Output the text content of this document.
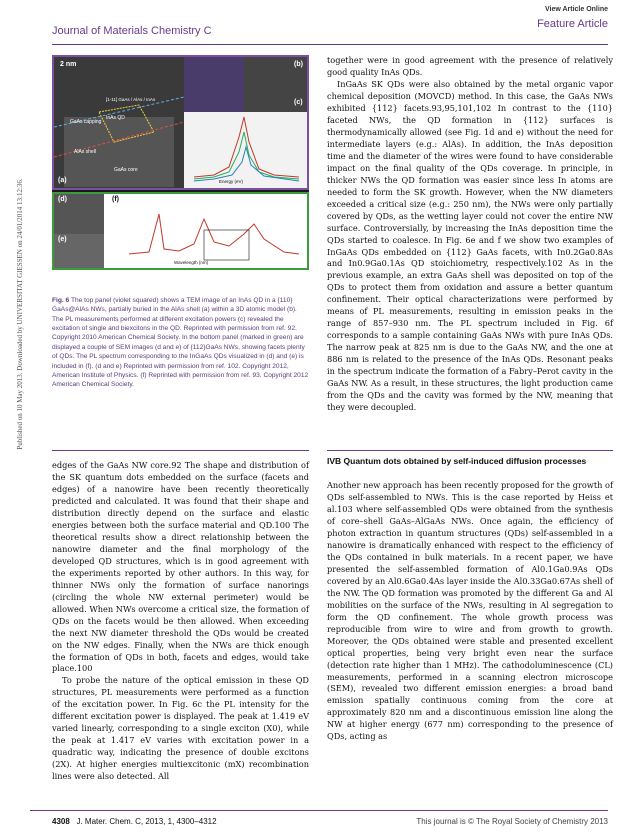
Journal of Materials Chemistry C
View Article Online
Feature Article
Published on 10 May 2013. Downloaded by UNIVERSITAT GIESSEN on 24/01/2014 13:12:36.
2 nm
GaAs capping
InAs QD
AlAs shell
GaAs core
[1-11] GaAs / AlAs / InAs
(a)
(b)
(c)
Energy (eV)
(d)
(e)
(f)
Wavelength (nm)
Fig. 6 The top panel (violet squared) shows a TEM image of an InAs QD in a {110} GaAs@AlAs NWs, partially buried in the AlAs shell (a) within a 3D atomic model (b). The PL measurements performed at different excitation powers (c) revealed the excitation of single and biexcitons in the QD. Reprinted with permission from ref. 92. Copyright 2010 American Chemical Society. In the bottom panel (marked in green) are displayed a couple of SEM images (d and e) of {112}GaAs NWs, showing facets plenty of QDs. The PL spectrum corresponding to the InGaAs QDs visualized in (d) and (e) is included in (f). (d and e) Reprinted with permission from ref. 102. Copyright 2012, American Institute of Physics. (f) Reprinted with permission from ref. 93. Copyright 2012 American Chemical Society.

edges of the GaAs NW core.92 The shape and distribution of the SK quantum dots embedded on the surface (facets and edges) of a nanowire have been recently theoretically predicted and calculated. It was found that their shape and distribution directly depend on the surface and elastic energies between both the surface material and QD.100 The theoretical results show a direct relationship between the nanowire diameter and the final morphology of the developed QD structures, which is in good agreement with the experiments reported by other authors. In this way, for thinner NWs only the formation of surface nanorings (circling the whole NW external perimeter) would be allowed. When NWs overcome a critical size, the formation of QDs on the facets would be then allowed. When exceeding the next NW diameter threshold the QDs would be created on the NW edges. Finally, when the NWs are thick enough the formation of QDs in both, facets and edges, would take place.100

To probe the nature of the optical emission in these QD structures, PL measurements were performed as a function of the excitation power. In Fig. 6c the PL intensity for the different excitation power is displayed. The peak at 1.419 eV varied linearly, corresponding to a single exciton (X0), while the peak at 1.417 eV varies with excitation power in a quadratic way, indicating the presence of double excitons (2X). At higher energies multiexcitonic (mX) recombination lines were also detected. All

together were in good agreement with the presence of relatively good quality InAs QDs.

InGaAs SK QDs were also obtained by the metal organic vapor chemical deposition (MOVCD) method. In this case, the GaAs NWs exhibited {112} facets.93,95,101,102 In contrast to the {110} faceted NWs, the QD formation in {112} surfaces is thermodynamically allowed (see Fig. 1d and e) without the need for intermediate layers (e.g.: AlAs). In addition, the InAs deposition time and the diameter of the wires were found to have considerable impact on the final quality of the QDs coverage. In principle, in thicker NWs the QD formation was easier since less In atoms are needed to form the SK growth. However, when the NW diameters exceeded a critical size (e.g.: 250 nm), the NWs were only partially covered by QDs, as the wetting layer could not cover the entire NW surface. Controversially, by increasing the InAs deposition time the QDs started to coalesce. In Fig. 6e and f we show two examples of InGaAs QDs embedded on {112} GaAs facets, with In0.2Ga0.8As and In0.9Ga0.1As QD stoichiometry, respectively.102 As in the previous example, an extra GaAs shell was deposited on top of the QDs to protect them from oxidation and assure a better quantum confinement. Their optical characterizations were performed by means of PL measurements, resulting in emission peaks in the range of 857–930 nm. The PL spectrum included in Fig. 6f corresponds to a sample containing GaAs NWs with pure InAs QDs. The narrow peak at 825 nm is due to the GaAs NW, and the one at 886 nm is related to the presence of the InAs QDs. Resonant peaks in the spectrum indicate the formation of a Fabry–Perot cavity in the GaAs NW. As a result, in these structures, the light production came from the QDs and the cavity was formed by the NW, meaning that they were decoupled.

IVB Quantum dots obtained by self-induced diffusion processes

Another new approach has been recently proposed for the growth of QDs self-assembled to NWs. This is the case reported by Heiss et al.103 where self-assembled QDs were obtained from the synthesis of core–shell GaAs–AlGaAs NWs. Once again, the efficiency of photon extraction in quantum structures (QDs) self-assembled in a nanowire is dramatically enhanced with respect to the efficiency of the QDs contained in bulk materials. In a recent paper, we have presented the self-assembled formation of Al0.1Ga0.9As QDs covered by an Al0.6Ga0.4As layer inside the Al0.33Ga0.67As shell of the NW. The QD formation was promoted by the different Ga and Al mobilities on the surface of the NWs, resulting in Al segregation to form the QD confinement. The whole growth process was reproducible from wire to wire and from growth to growth. Moreover, the QDs obtained were stable and presented excellent optical properties, being very bright even near the surface (detection rate higher than 1 MHz). The cathodoluminescence (CL) measurements, performed in a scanning electron microscope (SEM), revealed two different emission energies: a broad band emission spatially continuous coming from the core at approximately 820 nm and a discontinuous emission line along the NW at higher energy (677 nm) corresponding to the presence of QDs, acting as

4308 J. Mater. Chem. C, 2013, 1, 4300–4312	This journal is © The Royal Society of Chemistry 2013
